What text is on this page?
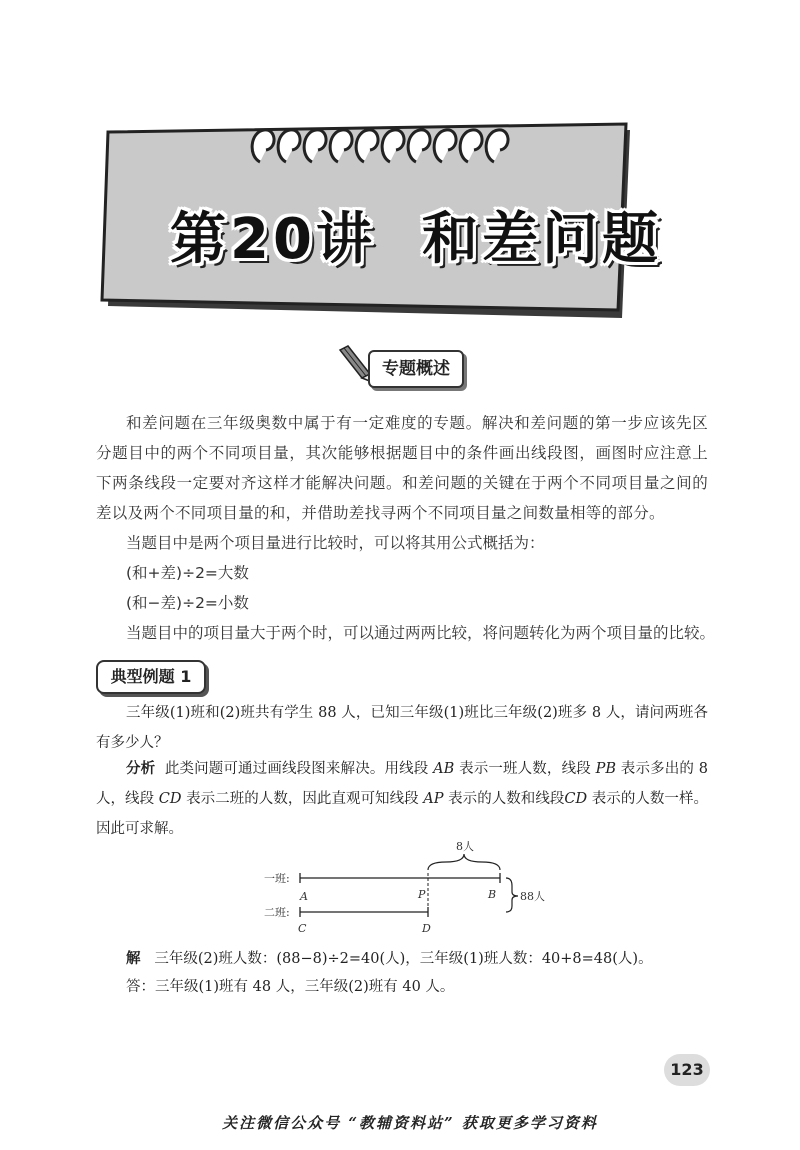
第20讲 和差问题
专题概述
和差问题在三年级奥数中属于有一定难度的专题。解决和差问题的第一步应该先区分题目中的两个不同项目量，其次能够根据题目中的条件画出线段图，画图时应注意上下两条线段一定要对齐这样才能解决问题。和差问题的关键在于两个不同项目量之间的差以及两个不同项目量的和，并借助差找寻两个不同项目量之间数量相等的部分。
当题目中是两个项目量进行比较时，可以将其用公式概括为：
(和+差)÷2=大数
(和−差)÷2=小数
当题目中的项目量大于两个时，可以通过两两比较，将问题转化为两个项目量的比较。
典型例题 1
三年级(1)班和(2)班共有学生 88 人，已知三年级(1)班比三年级(2)班多 8 人，请问两班各有多少人？
分析 此类问题可通过画线段图来解决。用线段 AB 表示一班人数，线段 PB 表示多出的 8 人，线段 CD 表示二班的人数，因此直观可知线段 AP 表示的人数和线段CD 表示的人数一样。因此可求解。
一班:
8人
A	P	B
二班:
C	D
88人
解 三年级(2)班人数：(88−8)÷2=40(人)，三年级(1)班人数：40+8=48(人)。
答：三年级(1)班有 48 人，三年级(2)班有 40 人。
123
关注微信公众号 “教辅资料站” 获取更多学习资料
